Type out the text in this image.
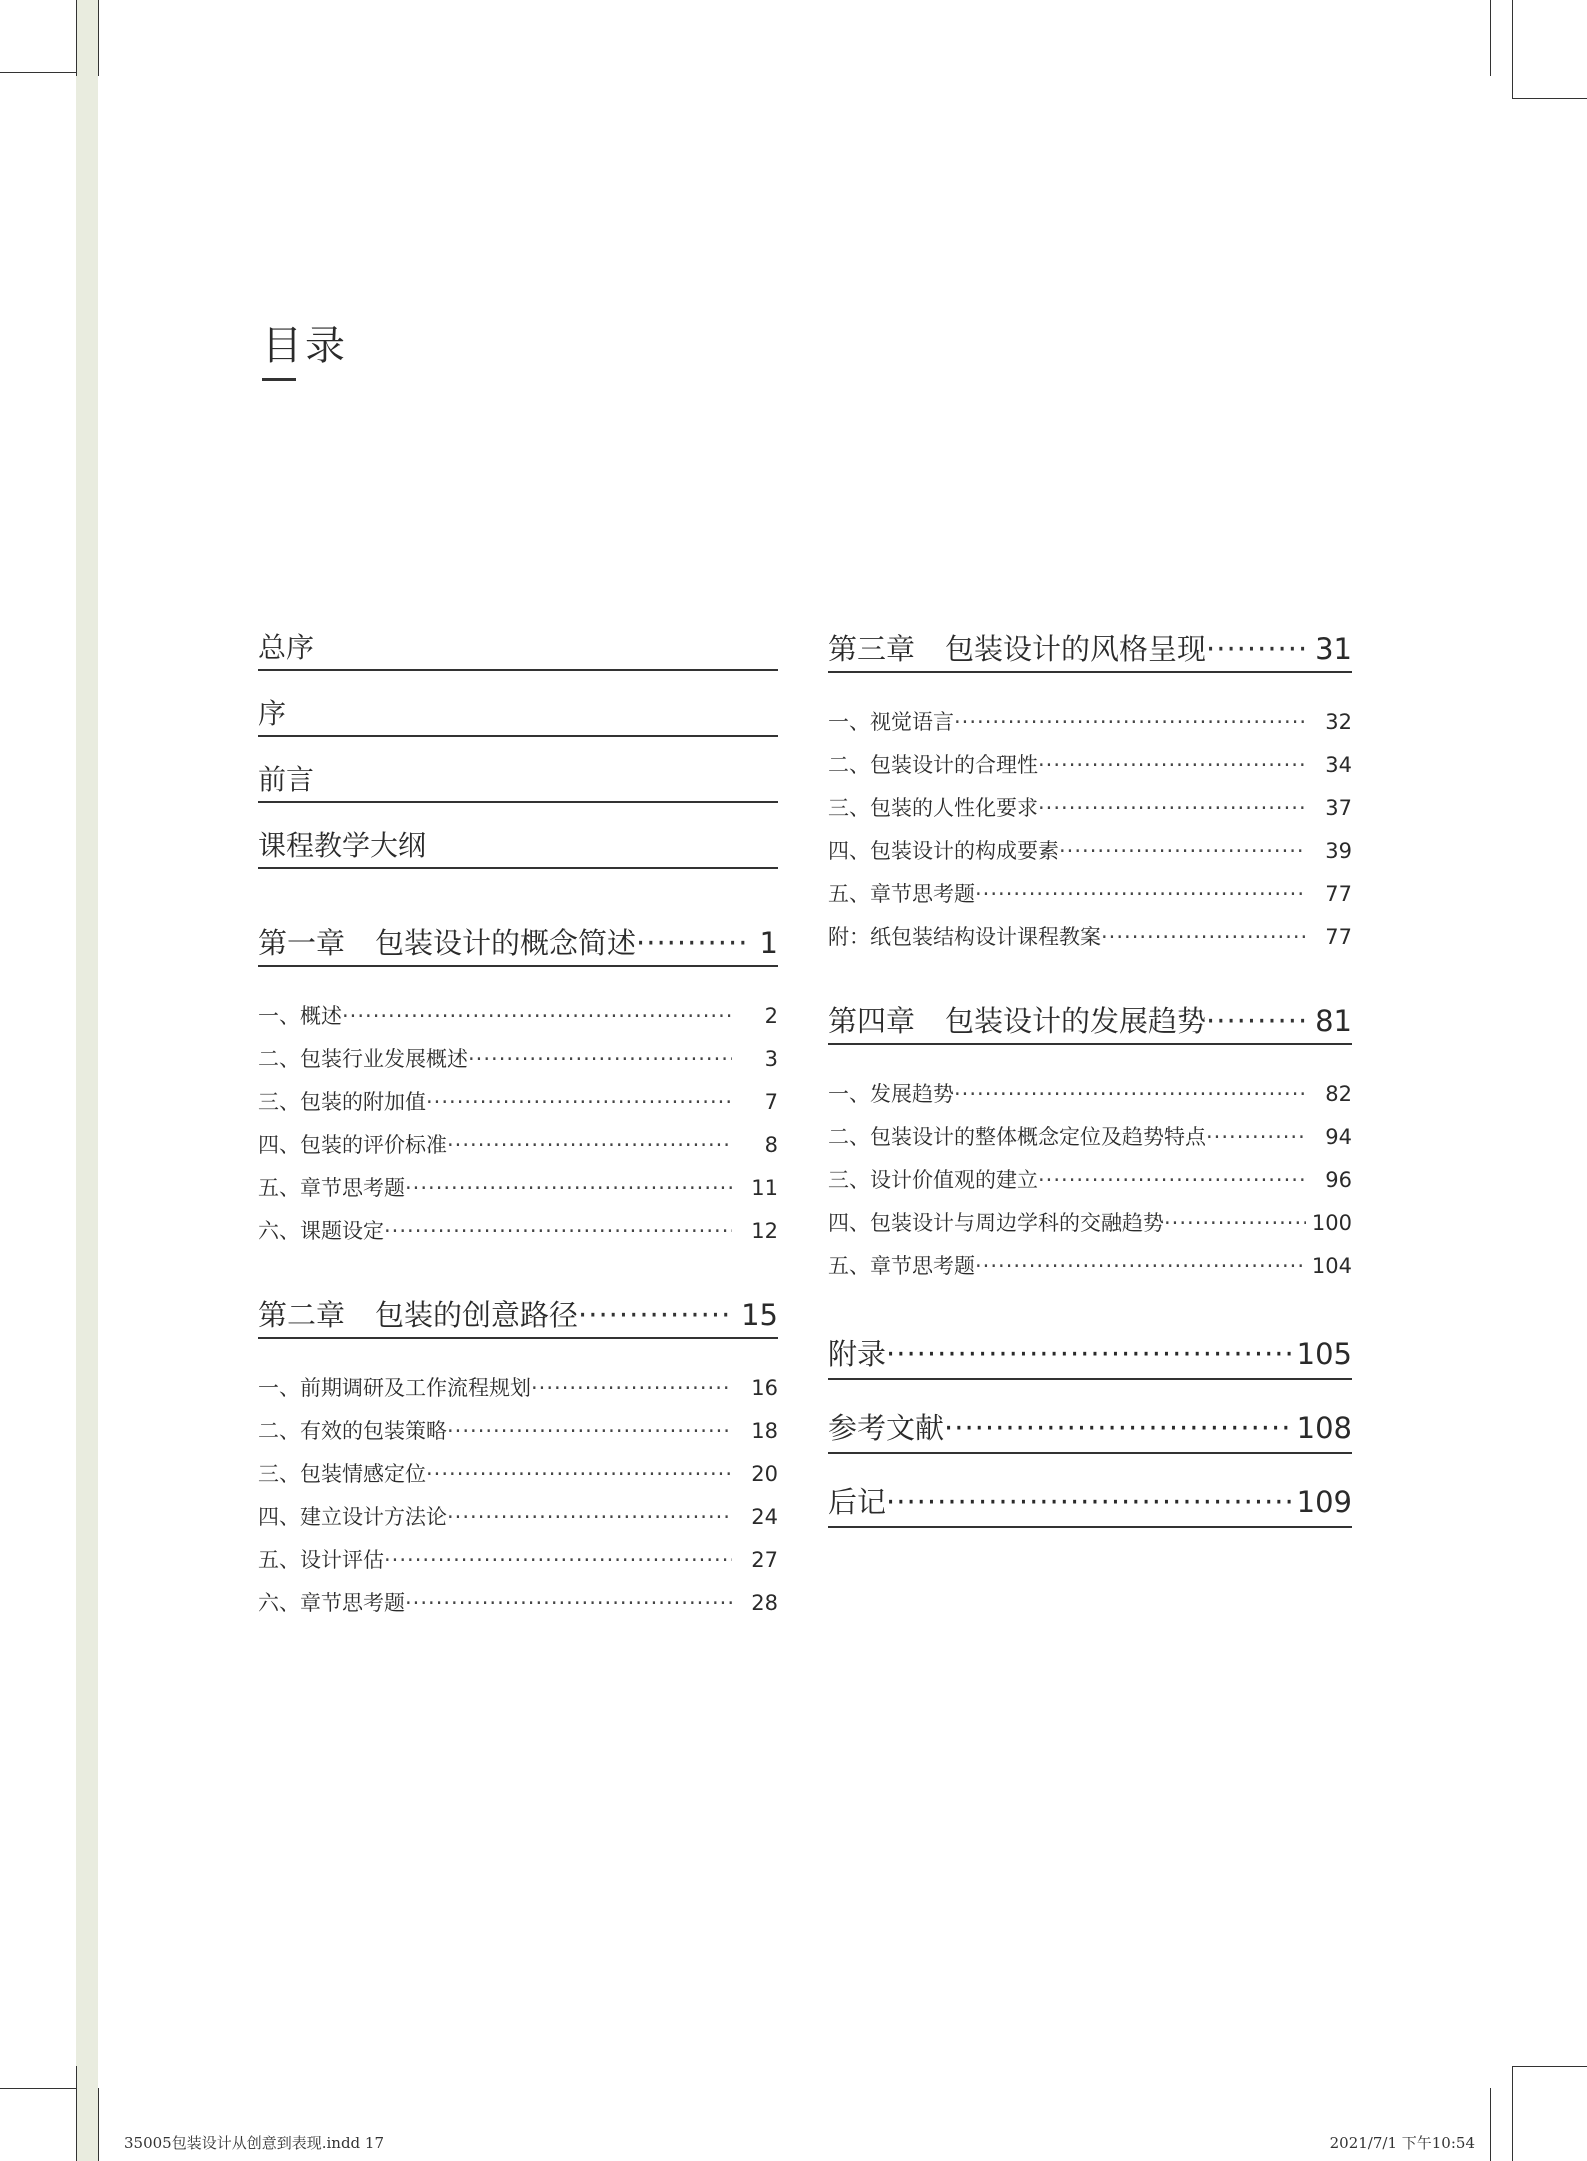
目录
总序
序
前言
课程教学大纲
第一章	包装设计的概念简述 ·····	1
一、概述 ·····	2
二、包装行业发展概述 ·····	3
三、包装的附加值 ·····	7
四、包装的评价标准 ·····	8
五、章节思考题 ·····	11
六、课题设定 ·····	12
第二章	包装的创意路径 ·····	15
一、前期调研及工作流程规划 ·····	16
二、有效的包装策略 ·····	18
三、包装情感定位 ·····	20
四、建立设计方法论 ·····	24
五、设计评估 ·····	27
六、章节思考题 ·····	28
第三章	包装设计的风格呈现 ·····	31
一、视觉语言 ·····	32
二、包装设计的合理性 ·····	34
三、包装的人性化要求 ·····	37
四、包装设计的构成要素 ·····	39
五、章节思考题 ·····	77
附：纸包装结构设计课程教案 ·····	77
第四章	包装设计的发展趋势 ·····	81
一、发展趋势 ·····	82
二、包装设计的整体概念定位及趋势特点 ·····	94
三、设计价值观的建立 ·····	96
四、包装设计与周边学科的交融趋势 ·····	100
五、章节思考题 ·····	104
附录 ·····	105
参考文献 ·····	108
后记 ·····	109
35005包装设计从创意到表现.indd 17	2021/7/1 下午10:54
